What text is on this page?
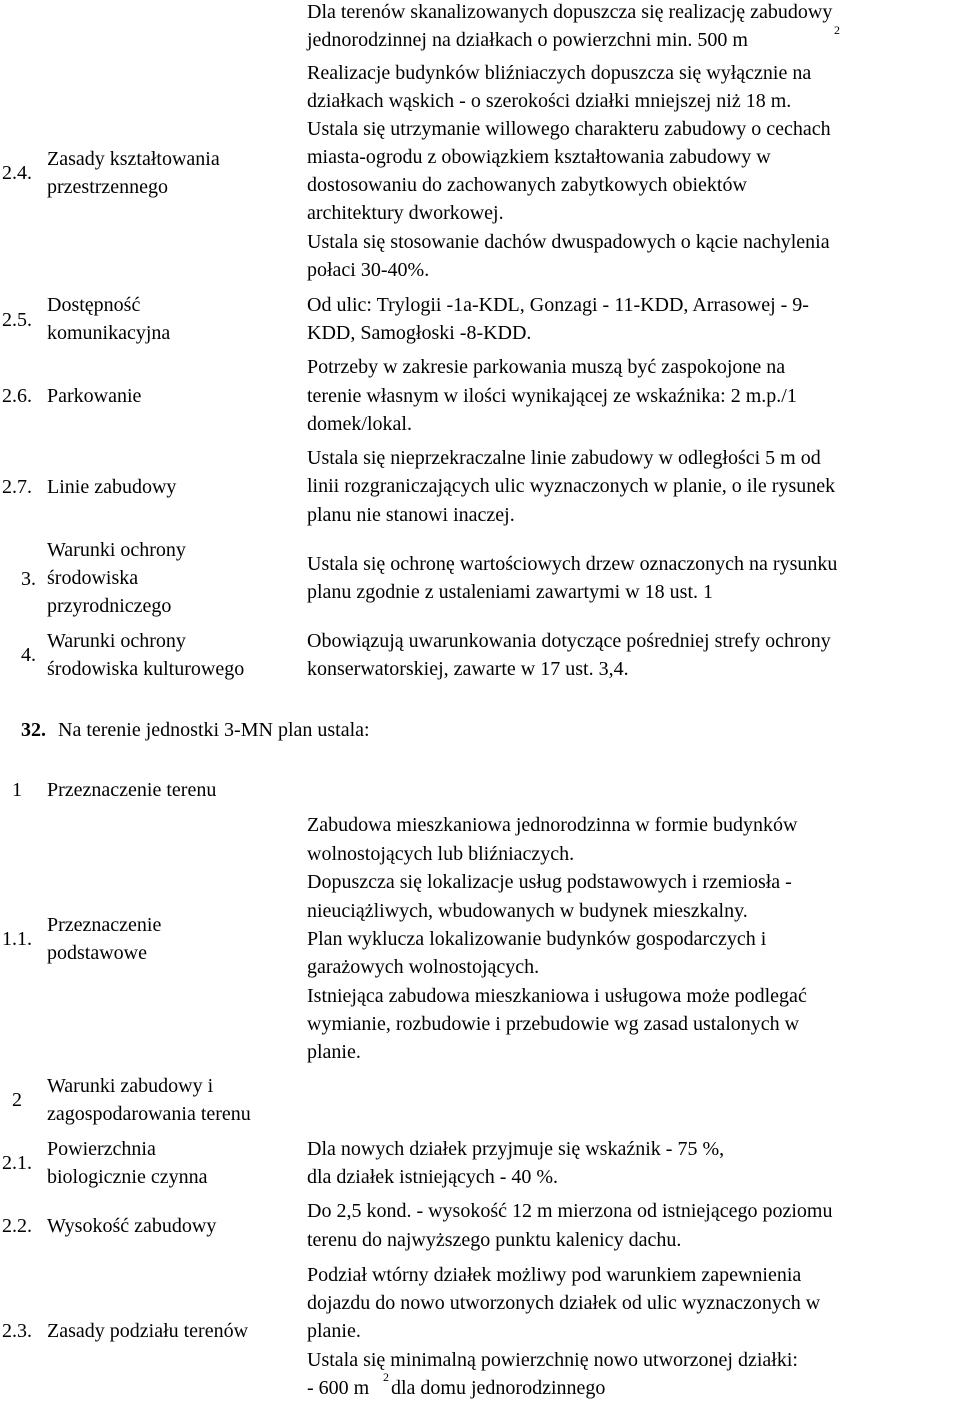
Dla terenów skanalizowanych dopuszcza się realizację zabudowy
jednorodzinnej na działkach o powierzchni min. 500 m	2
Realizacje budynków bliźniaczych dopuszcza się wyłącznie na
działkach wąskich - o szerokości działki mniejszej niż 18 m.
2.4.
Zasady kształtowania
przestrzennego
Ustala się utrzymanie willowego charakteru zabudowy o cechach
miasta-ogrodu z obowiązkiem kształtowania zabudowy w
dostosowaniu do zachowanych zabytkowych obiektów
architektury dworkowej.
Ustala się stosowanie dachów dwuspadowych o kącie nachylenia
połaci 30-40%.
2.5.
Dostępność
komunikacyjna
Od ulic: Trylogii -1a-KDL, Gonzagi - 11-KDD, Arrasowej - 9-
KDD, Samogłoski -8-KDD.
2.6. Parkowanie
Potrzeby w zakresie parkowania muszą być zaspokojone na
terenie własnym w ilości wynikającej ze wskaźnika: 2 m.p./1
domek/lokal.
2.7. Linie zabudowy
Ustala się nieprzekraczalne linie zabudowy w odległości 5 m od
linii rozgraniczających ulic wyznaczonych w planie, o ile rysunek
planu nie stanowi inaczej.
3.
Warunki ochrony
środowiska
przyrodniczego
Ustala się ochronę wartościowych drzew oznaczonych na rysunku
planu zgodnie z ustaleniami zawartymi w 18 ust. 1
4.
Warunki ochrony
środowiska kulturowego
Obowiązują uwarunkowania dotyczące pośredniej strefy ochrony
konserwatorskiej, zawarte w 17 ust. 3,4.
32. Na terenie jednostki 3-MN plan ustala:
1 Przeznaczenie terenu
1.1.
Przeznaczenie
podstawowe
Zabudowa mieszkaniowa jednorodzinna w formie budynków
wolnostojących lub bliźniaczych.
Dopuszcza się lokalizacje usług podstawowych i rzemiosła -
nieuciążliwych, wbudowanych w budynek mieszkalny.
Plan wyklucza lokalizowanie budynków gospodarczych i
garażowych wolnostojących.
Istniejąca zabudowa mieszkaniowa i usługowa może podlegać
wymianie, rozbudowie i przebudowie wg zasad ustalonych w
planie.
2
Warunki zabudowy i
zagospodarowania terenu
2.1.
Powierzchnia
biologicznie czynna
Dla nowych działek przyjmuje się wskaźnik - 75 %,
dla działek istniejących - 40 %.
2.2. Wysokość zabudowy
Do 2,5 kond. - wysokość 12 m mierzona od istniejącego poziomu
terenu do najwyższego punktu kalenicy dachu.
2.3. Zasady podziału terenów
Podział wtórny działek możliwy pod warunkiem zapewnienia
dojazdu do nowo utworzonych działek od ulic wyznaczonych w
planie.
Ustala się minimalną powierzchnię nowo utworzonej działki:
- 600 m 2 dla domu jednorodzinnego
